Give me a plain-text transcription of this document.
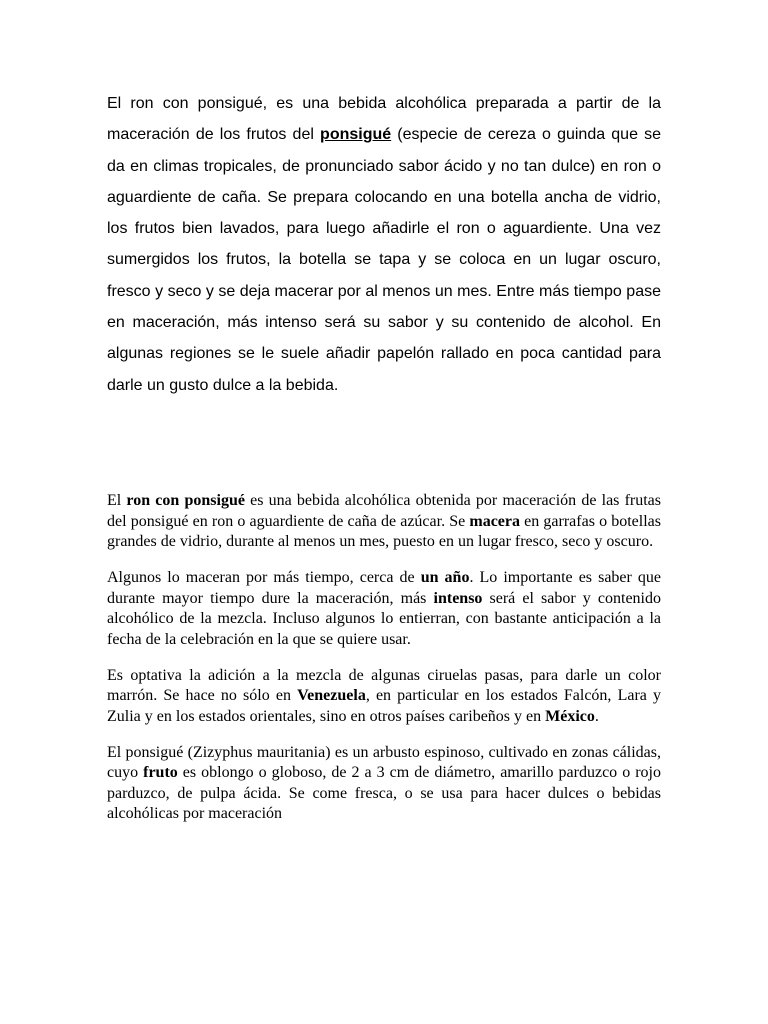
El ron con ponsigué, es una bebida alcohólica preparada a partir de la maceración de los frutos del ponsigué (especie de cereza o guinda que se da en climas tropicales, de pronunciado sabor ácido y no tan dulce) en ron o aguardiente de caña. Se prepara colocando en una botella ancha de vidrio, los frutos bien lavados, para luego añadirle el ron o aguardiente. Una vez sumergidos los frutos, la botella se tapa y se coloca en un lugar oscuro, fresco y seco y se deja macerar por al menos un mes. Entre más tiempo pase en maceración, más intenso será su sabor y su contenido de alcohol. En algunas regiones se le suele añadir papelón rallado en poca cantidad para darle un gusto dulce a la bebida.

El ron con ponsigué es una bebida alcohólica obtenida por maceración de las frutas del ponsigué en ron o aguardiente de caña de azúcar. Se macera en garrafas o botellas grandes de vidrio, durante al menos un mes, puesto en un lugar fresco, seco y oscuro.

Algunos lo maceran por más tiempo, cerca de un año. Lo importante es saber que durante mayor tiempo dure la maceración, más intenso será el sabor y contenido alcohólico de la mezcla. Incluso algunos lo entierran, con bastante anticipación a la fecha de la celebración en la que se quiere usar.

Es optativa la adición a la mezcla de algunas ciruelas pasas, para darle un color marrón. Se hace no sólo en Venezuela, en particular en los estados Falcón, Lara y Zulia y en los estados orientales, sino en otros países caribeños y en México.

El ponsigué (Zizyphus mauritania) es un arbusto espinoso, cultivado en zonas cálidas, cuyo fruto es oblongo o globoso, de 2 a 3 cm de diámetro, amarillo parduzco o rojo parduzco, de pulpa ácida. Se come fresca, o se usa para hacer dulces o bebidas alcohólicas por maceración
